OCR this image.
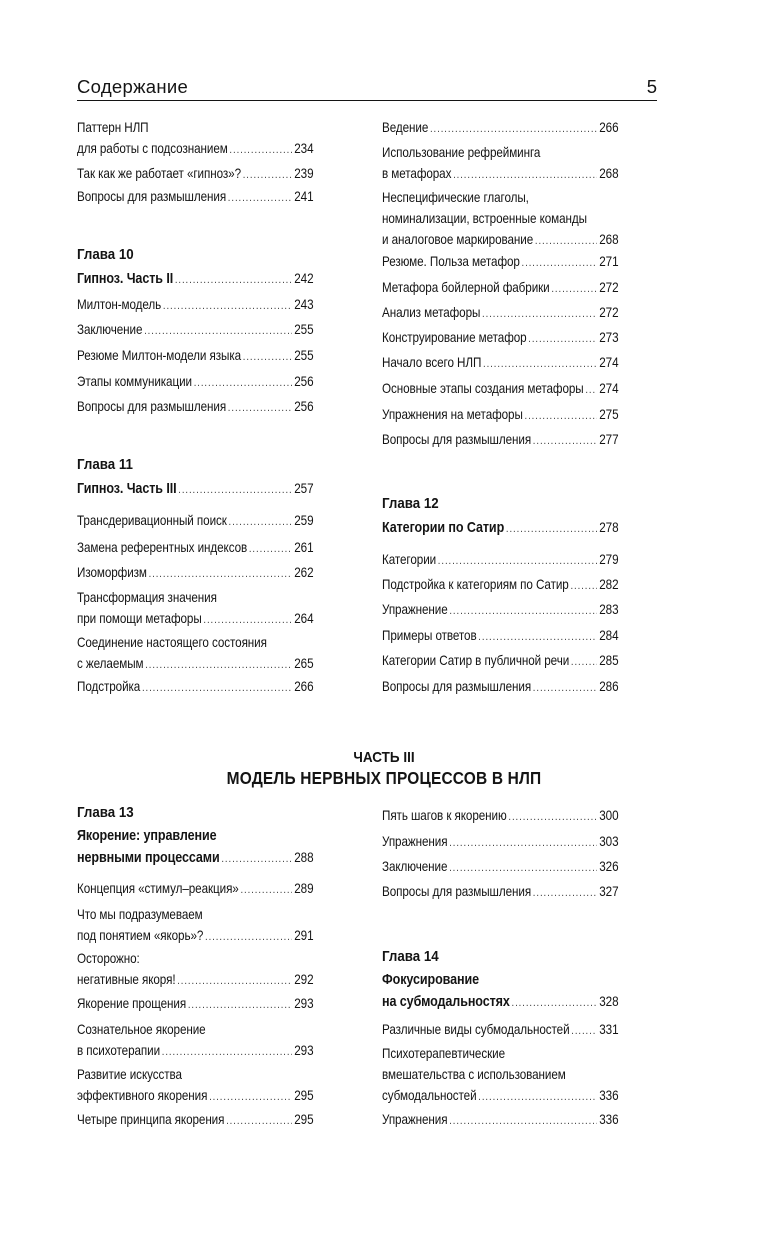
Содержание	5
Паттерн НЛП
для работы с подсознанием .....	234
Так как же работает «гипноз»? .....	239
Вопросы для размышления .....	241
Глава 10
Гипноз. Часть II .....	242
Милтон-модель .....	243
Заключение .....	255
Резюме Милтон-модели языка .....	255
Этапы коммуникации .....	256
Вопросы для размышления .....	256
Глава 11
Гипноз. Часть III .....	257
Трансдеривационный поиск .....	259
Замена референтных индексов .....	261
Изоморфизм .....	262
Трансформация значения
при помощи метафоры .....	264
Соединение настоящего состояния
с желаемым .....	265
Подстройка .....	266
Ведение .....	266
Использование рефрейминга
в метафорах .....	268
Неспецифические глаголы,
номинализации, встроенные команды
и аналоговое маркирование .....	268
Резюме. Польза метафор .....	271
Метафора бойлерной фабрики .....	272
Анализ метафоры .....	272
Конструирование метафор .....	273
Начало всего НЛП .....	274
Основные этапы создания метафоры ..... 274
Упражнения на метафоры .....	275
Вопросы для размышления .....	277
Глава 12
Категории по Сатир .....	278
Категории .....	279
Подстройка к категориям по Сатир ..... 282
Упражнение .....	283
Примеры ответов .....	284
Категории Сатир в публичной речи ..... 285
Вопросы для размышления .....	286
ЧАСТЬ III
МОДЕЛЬ НЕРВНЫХ ПРОЦЕССОВ В НЛП
Глава 13
Якорение: управление
нервными процессами .....	288
Концепция «стимул–реакция» .....	289
Что мы подразумеваем
под понятием «якорь»? .....	291
Осторожно:
негативные якоря! .....	292
Якорение прощения .....	293
Сознательное якорение
в психотерапии .....	293
Развитие искусства
эффективного якорения .....	295
Четыре принципа якорения .....	295
Пять шагов к якорению .....	300
Упражнения .....	303
Заключение .....	326
Вопросы для размышления .....	327
Глава 14
Фокусирование
на субмодальностях .....	328
Различные виды субмодальностей ..... 331
Психотерапевтические
вмешательства с использованием
субмодальностей .....	336
Упражнения .....	336
